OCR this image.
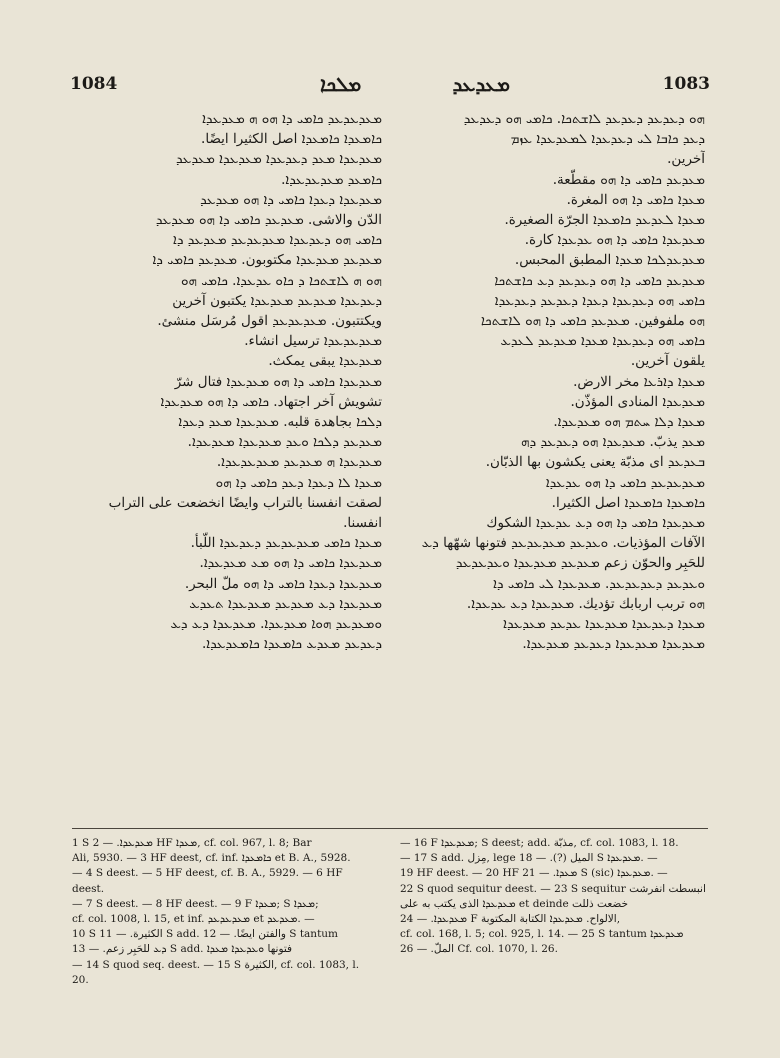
1084	ܡܠܟܐ	ܡܥܕܥܕ	1083

ܡܥܕܥܕܥܕ ܟܐܡܝ ܕܐ ܗܘ ܗ ܡܥܕܥܕܐ

ܟܐܡܥܕܐ ܟܐܡܥܕܐ اصل الكثيرا ايضًا.

ܡܥܕܥܕܐ ܡܥܕ ܕܥܕܥܕܐ ܡܥܕܥܕܐ ܡܥܕܥܕ

ܟܐܡܥܕ ܡܥܕܥܕܥܕܐ.

ܡܥܕܥܕܐ ܕܥܕܐ ܟܐܡܝ ܕܐ ܗܘ ܡܥܕܥܕ

الدّن والاشى. ܡܥܕܥܕ ܟܐܡܝ ܕܐ ܗܘ ܡܥܕܥܕ

ܟܐܡܝ ܗܘ ܕܥܕܥܕܐ ܡܥܕܥܕܥܕ ܡܥܕܥܕ ܕܐ

ܡܥܕܥܕ ܡܥܕܥܕܐ مكتوبون. ܡܥܕܥܕ ܟܐܡܝ ܕܐ

ܗܘ ܗ ܠܐܫܬܟܐ ܕ ܟܐܘ ܥܕܥܕܐ. ܟܐܡܝ ܗܘ

ܕܥܕܥܕܐ ܡܥܕܥܕ ܡܥܕܥܕܐ يكتبون آخرين

ويكتتبون. ܡܥܕܥܕܥܕ اقول مُرسَل منشئ.

ܡܥܕܥܕܥܕܐ ترسيل انشاء.

ܡܥܕܥܕܐ يبقى يمكث.

ܡܥܕܥܕܐ ܟܐܡܝ ܕܐ ܗܘ ܡܥܕܥܕܐ فتال شرّ

تشويش آخر اجتهاد. ܟܐܡܝ ܕܐ ܗܘ ܡܥܕܥܕܐ

ܕܠܟܐ بجاهدة قلبه. ܡܥܕܥܕܐ ܡܥܕ ܕܥܕܐ

ܡܥܕܥܕ ܕܠܟܐ ܘܥܕ ܡܥܕܥܕܐ ܡܥܕܥܕܐ.

ܡܥܕܥܕܐ ܗ ܡܥܕܥܕ ܡܥܕܥܕܥܕܐ.

ܡܥܕܐ ܠܐ ܕܥܕܐ ܕܥܕ ܟܐܡܝ ܕܐ ܗܘ

لصقت انفسنا بالتراب وايضًا انخضعت على التراب

انفسنا.

ܡܥܕܐ ܟܐܡܝ ܡܥܕܥܕܥܕ ܕܥܕܥܕܐ اللّبأ.

ܡܥܕܥܕܐ ܟܐܡܝ ܕܐ ܗܘ ܡܥ ܡܥܕܥܕܐ.

ܡܥܕܥܕܐ ܕܥܕܐ ܟܐܡܝ ܕܐ ܗܘ ملّ البحر.

ܡܥܕܥܕܐ ܕܥ ܡܥܕܥܕ ܡܥܕܥܕܐ ܬܥܕܥ

ܘܡܥܕܥܕ ܗܘܐ ܡܥܕܥܕܐ. ܡܥܕܥܕܐ ܕܥ ܕܥ

ܕܥܕܥܕ ܡܥܕܥ ܟܐܡܥܕܐ ܟܐܡܥܕܥܕܐ.

ܗܘ ܕܥܕܥܕ ܕܥܕܥܕ ܠܐܫܬܟܐ. ܟܐܡܝ ܗܘ ܕܥܕܥܕ

ܕܥܕ ܟܐܒܐ ܠܝ ܕܥܕܥܕܐ ܠܡܥܕܥܕܐ ܥܙܡ

آخرين.

ܡܥܕܥܕ ܟܐܡܝ ܕܐ ܗܘ مقطّعة.

ܡܥܕܐ ܟܐܡܝ ܕܐ ܗܘ المغرة.

ܡܥܕܐ ܠܥܕܥܕ ܟܐܡܥܕܐ الجرّة الصغيرة.

ܡܥܕܥܕܐ ܟܐܡܝ ܕܐ ܗܘ ܥܕܥܕܐ كارة.

ܡܥܕܥܕܠܟܐ ܡܥܕܐ المطبق المحبس.

ܡܥܕܥܕ ܟܐܡܝ ܕܐ ܗܘ ܕܥܕܥܕ ܕܥ ܟܐܫܬܟܐ

ܟܐܡܝ ܗܘ ܕܥܕܥܕܐ ܕܥܕܐ ܕܥܕܥܕ ܕܥܕܥܕܐ

ܗܘ ملفوفين. ܡܥܕܥܕ ܟܐܡܝ ܕܐ ܗܘ ܠܐܫܬܟܐ

ܟܐܡܝ ܗܘ ܕܥܕܥܕܐ ܡܥܕܐ ܡܥܕܥܕ ܠܥܕܥ

يلقون آخرين.

ܡܥܕܐ ܕܐܪܥܐ مخر الارض.

ܡܥܕܥܕܐ المنادى المؤذّن.

ܡܥܕܐ ܕܠܐ ܚܬܡ ܗܘ ܡܥܕܥܕܐ.

ܡܥܕ يذبّ. ܡܥܕܥܕܐ ܗܘ ܕܥܕܥܕ ܕܗ

ܒܥܕܥܕ اى مذبّة يعنى يكشون بها الذبّان.

ܡܥܕܥܕܥܕ ܟܐܡܝ ܕܐ ܗܘ ܥܕܥܕܐ

ܟܐܡܥܕܐ ܟܐܡܥܕܐ اصل الكثيرا.

ܡܥܕܥܕܐ ܟܐܡܝ ܕܐ ܗܘ ܕܥ ܥܕܥܕܐ الشكوك

الآفات المؤذيات. ܘܥܕܥܕ ܡܥܕܥܕܥܕ فتونها شهّها ܕܥ

للحَبِر والحوّن زعم ܡܥܕܥܕ ܡܥܕܥܕܐ ܘܥܕܥܕܥܕ

ܘܥܕܥܕ ܕܥܕܥܕܥܕ. ܡܥܕܥܕܐ ܠܝ ܟܐܡܝ ܕܐ

ܗܘ تربب اربابك تؤديك. ܡܥܕܥܕܐ ܕܥ ܥܕܥܕܐ.

ܡܥܕܐ ܕܥܕܥܕܐ ܡܥܕܥܕܐ ܥܕܥܕ ܡܥܕܥܕܐ

ܡܥܕܥܕܐ ܡܥܕܥܕܐ ܕܥܕܥܕ ܡܥܕܥܕܐ.

1 S ܡܥܕܥܕܐ. — 2 HF ܡܥܕܐ, cf. col. 967, l. 8; Bar

Ali, 5930. — 3 HF deest, cf. inf. ܟܐܡܥܕܐ et B. A., 5928.

— 4 S deest. — 5 HF deest, cf. B. A., 5929. — 6 HF deest.

— 7 S deest. — 8 HF deest. — 9 F ܡܥܕܐ; S ܡܥܕܐ;

cf. col. 1008, l. 15, et inf. ܡܥܕܥܕܥܕ et ܡܥܕܥܕ. —

10 S الكثيرة. — 11 S add. والفتن ايضًا. — 12 S tantum

ܕܥ للحَبِر زعم. — 13 S add. فتونها ܘܥܕܥܕܐ ܡܥܕܐ

— 14 S quod seq. deest. — 15 S الكثيرة, cf. col. 1083, l. 20.

— 16 F ܡܥܕܥܕܐ; S deest; add. مذبّة, cf. col. 1083, l. 18.

— 17 S add. مِزل, lege الميل (?). — 18 S ܡܥܕܥܕܐ. —

19 HF deest. — 20 HF ܡܥܕܐ. — 21 S (sic) ܡܥܕܥܕܐ. —

22 S quod sequitur deest. — 23 S sequitur انبسطت انفرشت

ܡܥܕܥܕܐ الذى يكتب به على et deinde خضعت ذللت

ܡܥܕܥܕܐ. — 24 F الالواح. ܡܥܕܥܕܐ الكتابة المكتوبة,

cf. col. 168, l. 5; col. 925, l. 14. — 25 S tantum ܡܥܕܥܕܐ

الملّ. — 26 Cf. col. 1070, l. 26.
